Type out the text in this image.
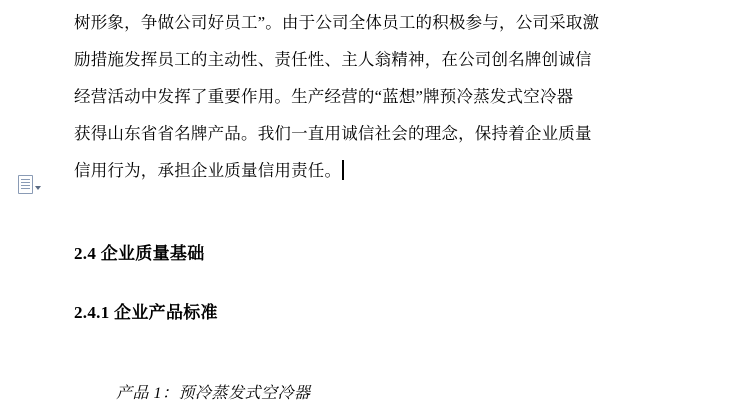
树形象，争做公司好员工”。由于公司全体员工的积极参与，公司采取激

励措施发挥员工的主动性、责任性、主人翁精神，在公司创名牌创诚信

经营活动中发挥了重要作用。生产经营的“蓝想”牌预冷蒸发式空冷器

获得山东省省名牌产品。我们一直用诚信社会的理念，保持着企业质量

信用行为，承担企业质量信用责任。

2.4 企业质量基础
2.4.1 企业产品标准
产品 1：预冷蒸发式空冷器
